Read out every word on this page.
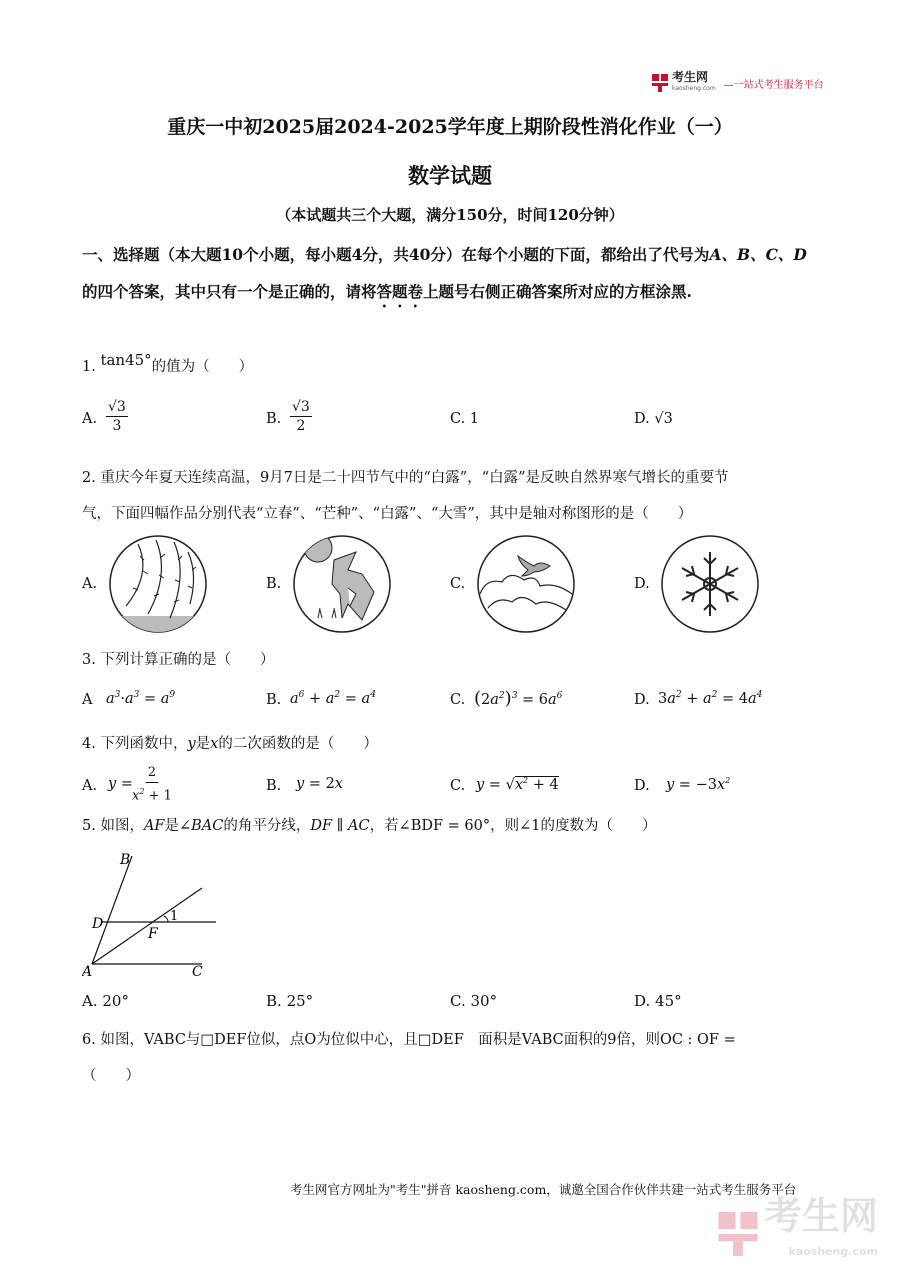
考生网
kaosheng.com —一站式考生服务平台
重庆一中初2025届2024-2025学年度上期阶段性消化作业（一）
数学试题
（本试题共三个大题，满分150分，时间120分钟）
一、选择题（本大题10个小题，每小题4分，共40分）在每个小题的下面，都给出了代号为A、B、C、D的四个答案，其中只有一个是正确的，请将答题卷上题号右侧正确答案所对应的方框涂黑.
1. tan45°的值为（　　）
A. $\frac{√3}{3}$	B. $\frac{√3}{2}$	C. 1	D. √3
2. 重庆今年夏天连续高温，9月7日是二十四节气中的“白露”，“白露”是反映自然界寒气增长的重要节
气，下面四幅作品分别代表“立春”、“芒种”、“白露”、“大雪”，其中是轴对称图形的是（　　）
A.	B.	C.	D.
3. 下列计算正确的是（　　）
A $a^3\cdot a^3 = a^9$	B. $a^6 + a^2 = a^4$	C. $(2a^2)^3 = 6a^6$	D. $3a^2 + a^2 = 4a^4$
4. 下列函数中，y是x的二次函数的是（　　）
A. $y = \frac{2}{x^2 + 1}$	B. y = 2x	C. $y = √x^2 + 4$	D. $y = -3x^2$
5. 如图，AF是∠BAC的角平分线，DF ∥ AC，若∠BDF = 60°，则∠1的度数为（　　）
B
D
F
1
A	C
A. 20°	B. 25°	C. 30°	D. 45°
6. 如图，VABC与□DEF位似，点O为位似中心，且□DEF　面积是VABC面积的9倍，则OC : OF =
（　　）
考生网官方网址为"考生"拼音 kaosheng.com，诚邀全国合作伙伴共建一站式考生服务平台
考生网
kaosheng.com
